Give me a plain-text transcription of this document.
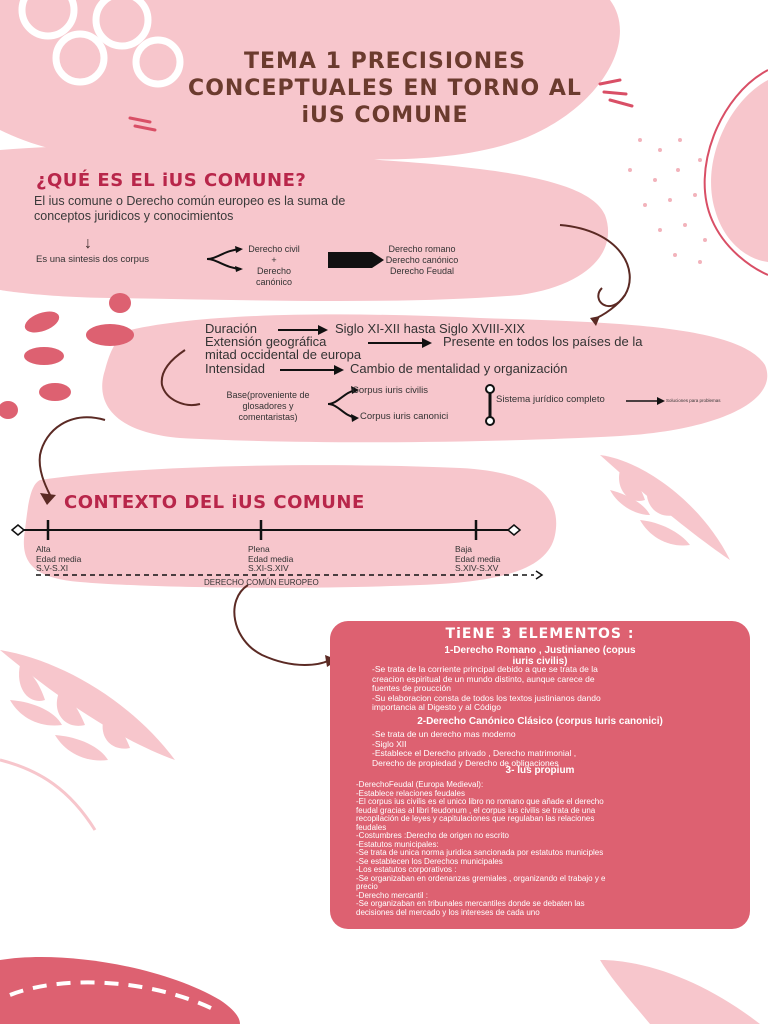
TEMA 1 PRECISIONES
CONCEPTUALES EN TORNO AL
iUS COMUNE
¿QUÉ ES EL iUS COMUNE?
El ius comune o Derecho común europeo es la suma de conceptos juridicos y conocimientos
↓
Es una sintesis dos corpus
Derecho civil
+
Derecho
canónico
Derecho romano
Derecho canónico
Derecho Feudal
Duración	Siglo XI-XII hasta Siglo XVIII-XIX
Extensión geográfica	Presente en todos los países de la
mitad occidental de europa
Intensidad	Cambio de mentalidad y organización
Base(proveniente de
glosadores y
comentaristas)
Corpus iuris civilis
Corpus iuris canonici
Sistema jurídico completo	Soluciones para problemas
CONTEXTO DEL iUS COMUNE
Alta
Edad media
S.V-S.XI
Plena
Edad media
S.XI-S.XIV
Baja
Edad media
S.XIV-S.XV
DERECHO COMÚN EUROPEO
TiENE 3 ELEMENTOS :
1-Derecho Romano , Justinianeo (copus
iuris civilis)
-Se trata de la corriente principal debido a que se trata de la
creacion espiritual de un mundo distinto, aunque carece de
fuentes de proucción
-Su elaboracion consta de todos los textos justinianos dando
importancia al Digesto y al Código
2-Derecho Canónico Clásico (corpus Iuris canonici)
-Se trata de un derecho mas moderno
-Siglo XII
-Establece el Derecho privado , Derecho matrimonial ,
Derecho de propiedad y Derecho de obligaciones
3- Ius propium
-DerechoFeudal (Europa Medieval):
-Establece relaciones feudales
-El corpus ius civilis es el unico libro no romano que añade el derecho
feudal gracias al libri feudonum , el corpus ius civilis se trata de una
recopilación de leyes y capitulaciones que regulaban las relaciones
feudales
-Costumbres :Derecho de origen no escrito
-Estatutos municipales:
-Se trata de unica norma juridica sancionada por estatutos municiples
-Se establecen los Derechos municipales
-Los estatutos corporativos :
-Se organizaban en ordenanzas gremiales , organizando el trabajo y e
precio
-Derecho mercantil :
-Se organizaban en tribunales mercantiles donde se debaten las
decisiones del mercado y los intereses de cada uno
